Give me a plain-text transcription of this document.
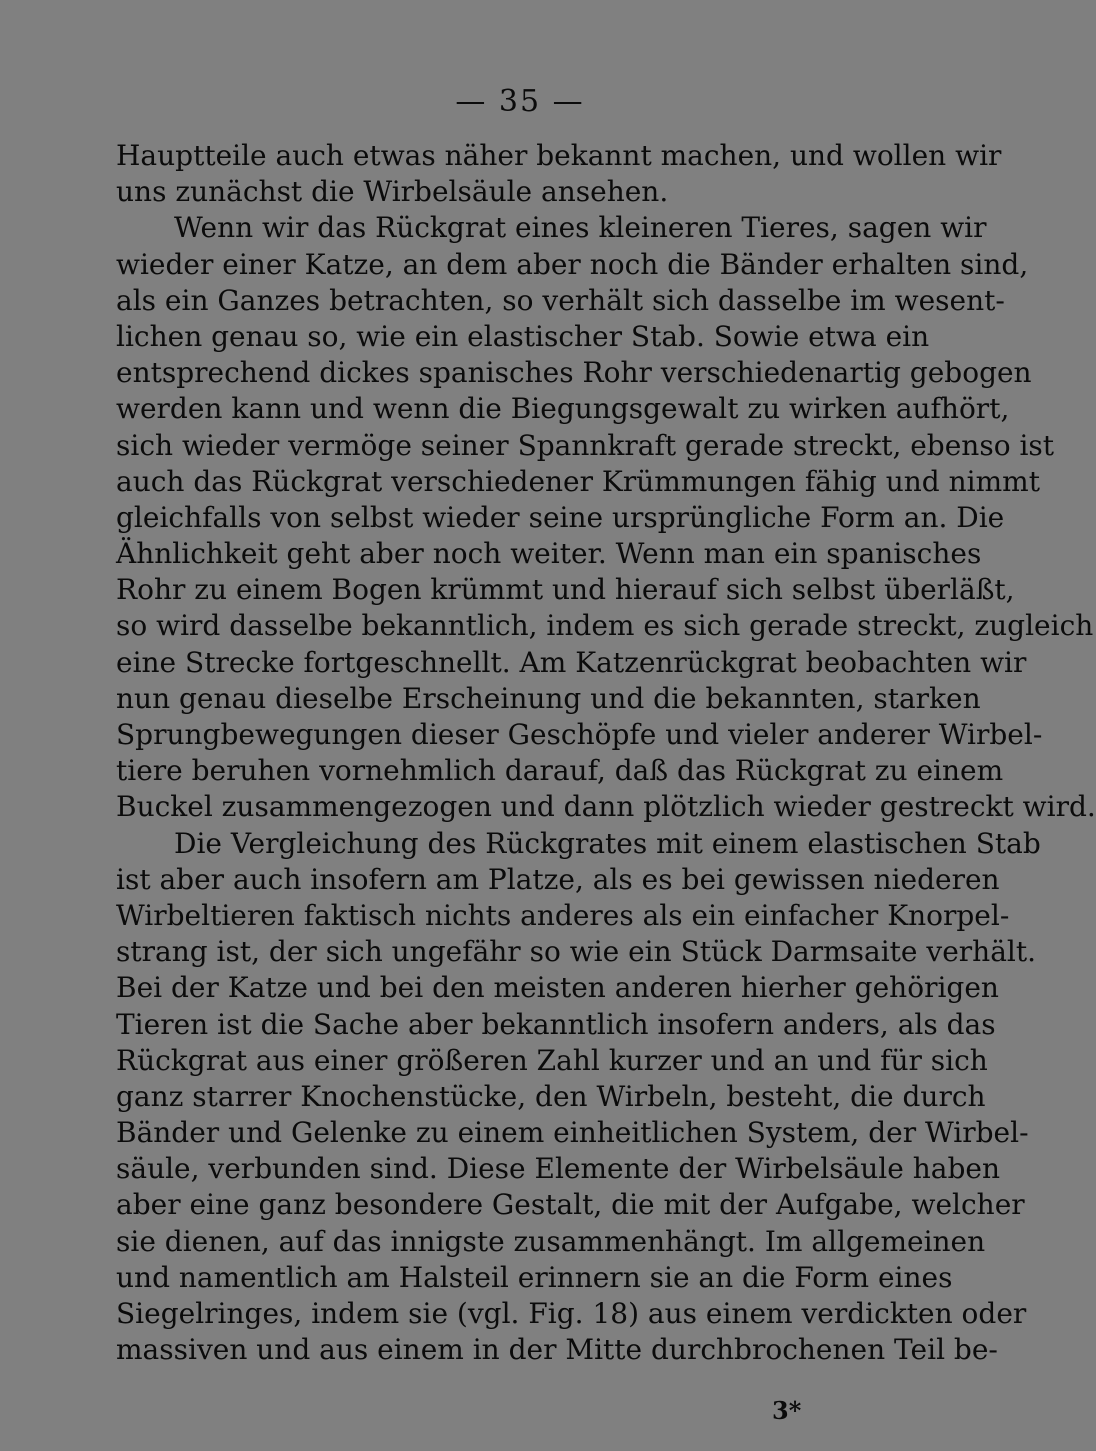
— 35 —
Hauptteile auch etwas näher bekannt machen, und wollen wir
uns zunächst die Wirbelsäule ansehen.
Wenn wir das Rückgrat eines kleineren Tieres, sagen wir
wieder einer Katze, an dem aber noch die Bänder erhalten sind,
als ein Ganzes betrachten, so verhält sich dasselbe im wesent-
lichen genau so, wie ein elastischer Stab. Sowie etwa ein
entsprechend dickes spanisches Rohr verschiedenartig gebogen
werden kann und wenn die Biegungsgewalt zu wirken aufhört,
sich wieder vermöge seiner Spannkraft gerade streckt, ebenso ist
auch das Rückgrat verschiedener Krümmungen fähig und nimmt
gleichfalls von selbst wieder seine ursprüngliche Form an. Die
Ähnlichkeit geht aber noch weiter. Wenn man ein spanisches
Rohr zu einem Bogen krümmt und hierauf sich selbst überläßt,
so wird dasselbe bekanntlich, indem es sich gerade streckt, zugleich
eine Strecke fortgeschnellt. Am Katzenrückgrat beobachten wir
nun genau dieselbe Erscheinung und die bekannten, starken
Sprungbewegungen dieser Geschöpfe und vieler anderer Wirbel-
tiere beruhen vornehmlich darauf, daß das Rückgrat zu einem
Buckel zusammengezogen und dann plötzlich wieder gestreckt wird.
Die Vergleichung des Rückgrates mit einem elastischen Stab
ist aber auch insofern am Platze, als es bei gewissen niederen
Wirbeltieren faktisch nichts anderes als ein einfacher Knorpel-
strang ist, der sich ungefähr so wie ein Stück Darmsaite verhält.
Bei der Katze und bei den meisten anderen hierher gehörigen
Tieren ist die Sache aber bekanntlich insofern anders, als das
Rückgrat aus einer größeren Zahl kurzer und an und für sich
ganz starrer Knochenstücke, den Wirbeln, besteht, die durch
Bänder und Gelenke zu einem einheitlichen System, der Wirbel-
säule, verbunden sind. Diese Elemente der Wirbelsäule haben
aber eine ganz besondere Gestalt, die mit der Aufgabe, welcher
sie dienen, auf das innigste zusammenhängt. Im allgemeinen
und namentlich am Halsteil erinnern sie an die Form eines
Siegelringes, indem sie (vgl. Fig. 18) aus einem verdickten oder
massiven und aus einem in der Mitte durchbrochenen Teil be-
3*
